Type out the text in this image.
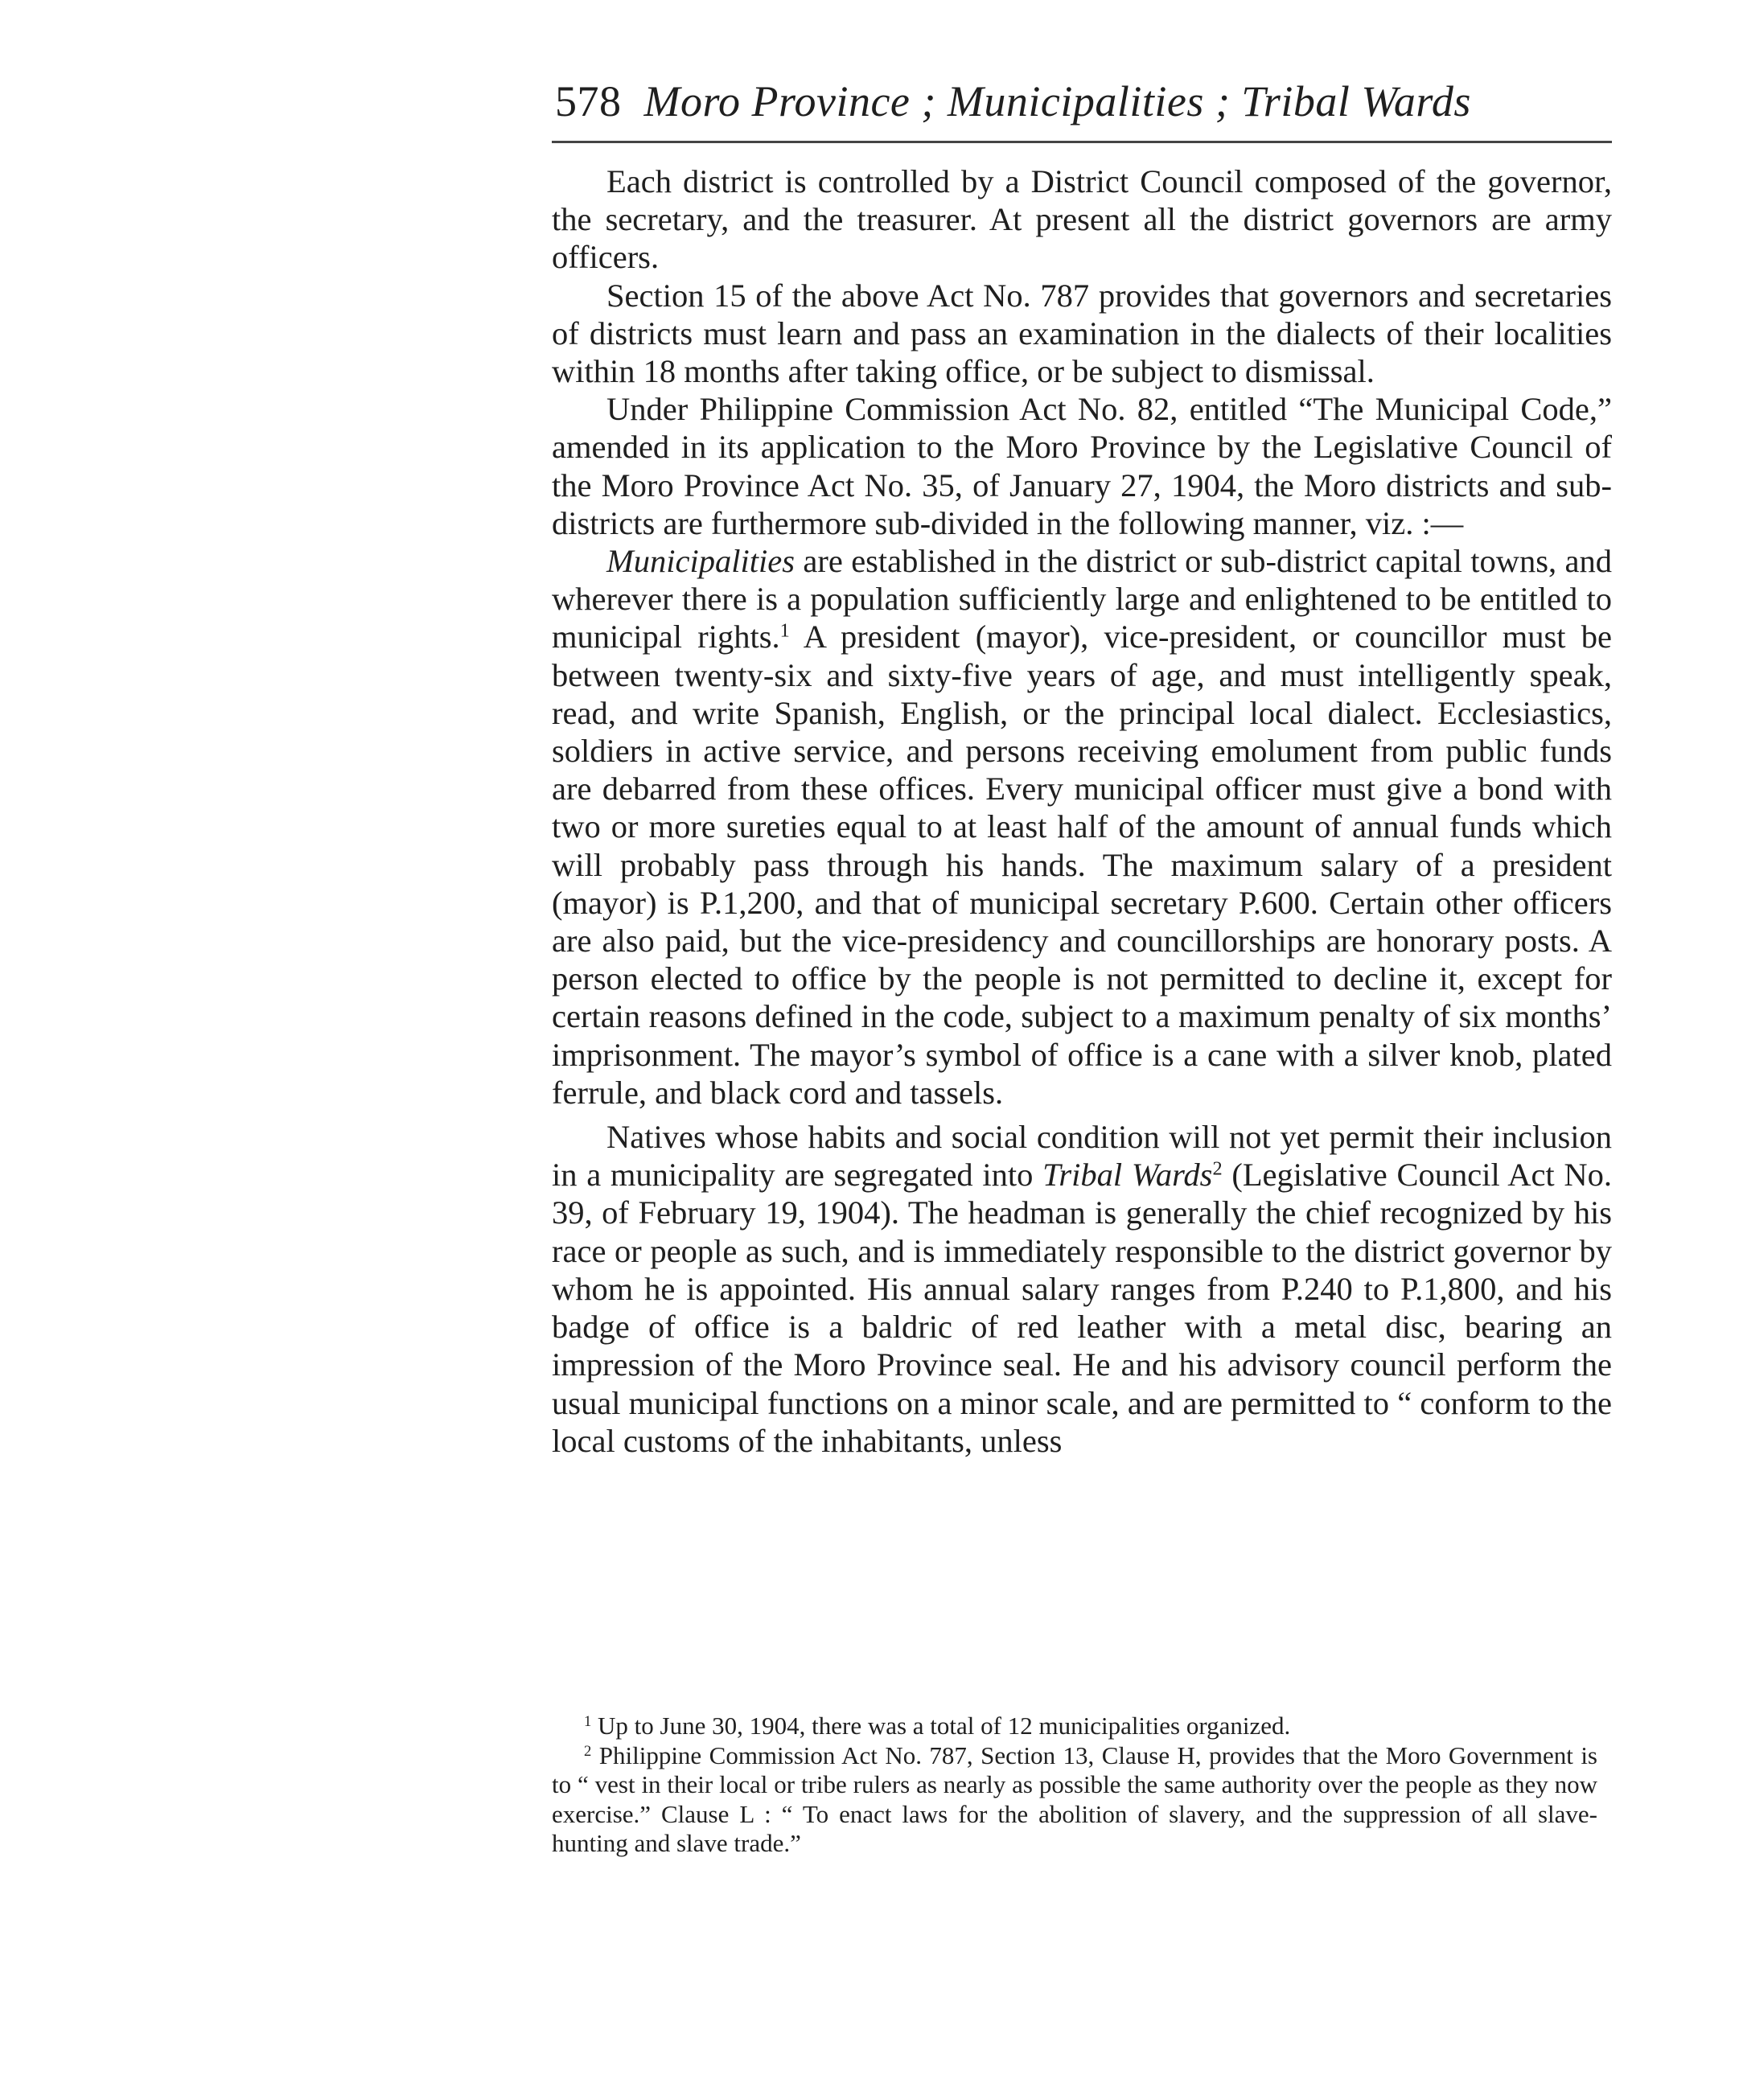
578 Moro Province ; Municipalities ; Tribal Wards

Each district is controlled by a District Council composed of the governor, the secretary, and the treasurer. At present all the district governors are army officers.

Section 15 of the above Act No. 787 provides that governors and secretaries of districts must learn and pass an examination in the dialects of their localities within 18 months after taking office, or be subject to dismissal.

Under Philippine Commission Act No. 82, entitled “The Municipal Code,” amended in its application to the Moro Province by the Legislative Council of the Moro Province Act No. 35, of January 27, 1904, the Moro districts and sub-districts are furthermore sub-divided in the following manner, viz. :—

Municipalities are established in the district or sub-district capital towns, and wherever there is a population sufficiently large and enlightened to be entitled to municipal rights.$^1$ A president (mayor), vice-president, or councillor must be between twenty-six and sixty-five years of age, and must intelligently speak, read, and write Spanish, English, or the principal local dialect. Ecclesiastics, soldiers in active service, and persons receiving emolument from public funds are debarred from these offices. Every municipal officer must give a bond with two or more sureties equal to at least half of the amount of annual funds which will probably pass through his hands. The maximum salary of a president (mayor) is P.1,200, and that of municipal secretary P.600. Certain other officers are also paid, but the vice-presidency and councillorships are honorary posts. A person elected to office by the people is not permitted to decline it, except for certain reasons defined in the code, subject to a maximum penalty of six months’ imprisonment. The mayor’s symbol of office is a cane with a silver knob, plated ferrule, and black cord and tassels.

Natives whose habits and social condition will not yet permit their inclusion in a municipality are segregated into Tribal Wards$^2$ (Legislative Council Act No. 39, of February 19, 1904). The headman is generally the chief recognized by his race or people as such, and is immediately responsible to the district governor by whom he is appointed. His annual salary ranges from P.240 to P.1,800, and his badge of office is a baldric of red leather with a metal disc, bearing an impression of the Moro Province seal. He and his advisory council perform the usual municipal functions on a minor scale, and are permitted to “ conform to the local customs of the inhabitants, unless

$^1$ Up to June 30, 1904, there was a total of 12 municipalities organized.

$^2$ Philippine Commission Act No. 787, Section 13, Clause H, provides that the Moro Government is to “ vest in their local or tribe rulers as nearly as possible the same authority over the people as they now exercise.” Clause L : “ To enact laws for the abolition of slavery, and the suppression of all slave-hunting and slave trade.”
